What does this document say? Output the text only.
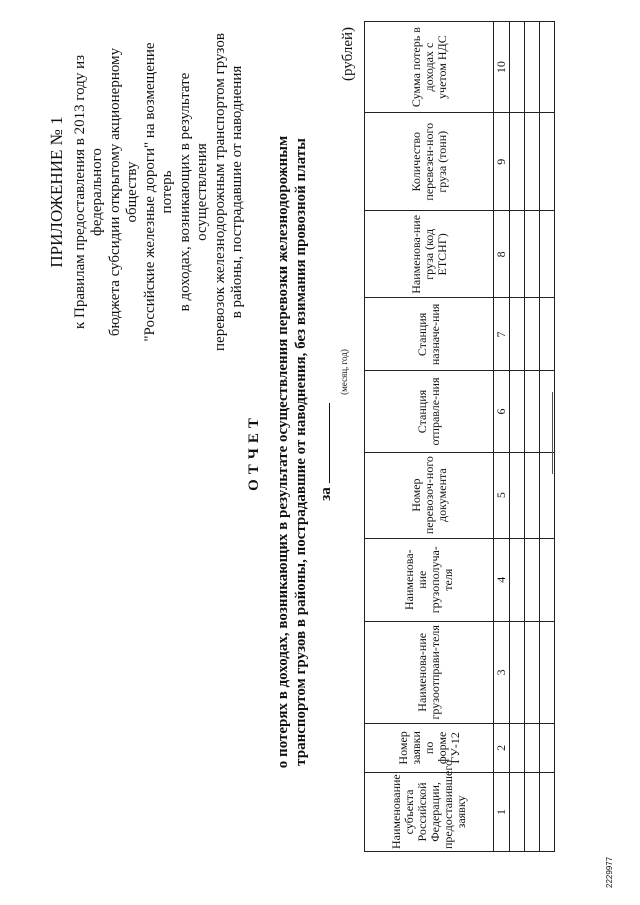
ПРИЛОЖЕНИЕ № 1 к Правилам предоставления в 2013 году из федерального бюджета субсидии открытому акционерному обществу "Российские железные дороги" на возмещение потерь в доходах, возникающих в результате осуществления перевозок железнодорожным транспортом грузов в районы, пострадавшие от наводнения
ОТЧЕТ о потерях в доходах, возникающих в результате осуществления перевозки железнодорожным транспортом грузов в районы, пострадавшие от наводнения, без взимания провозной платы за
(месяц, год)
(рублей)
Наименование субъекта Российской Федерации, предоставившего заявку	Номер заявки по форме ГУ-12	Наименова-ние грузоотправи-теля	Наименова-ние грузополуча-теля	Номер перевозоч-ного документа	Станция отправле-ния	Станция назначе-ния	Наименова-ние груза (код ЕТСНГ)	Количество перевезен-ного груза (тонн)	Сумма потерь в доходах с учетом НДС
1	2	3	4	5	6	7	8	9	10

2229977
